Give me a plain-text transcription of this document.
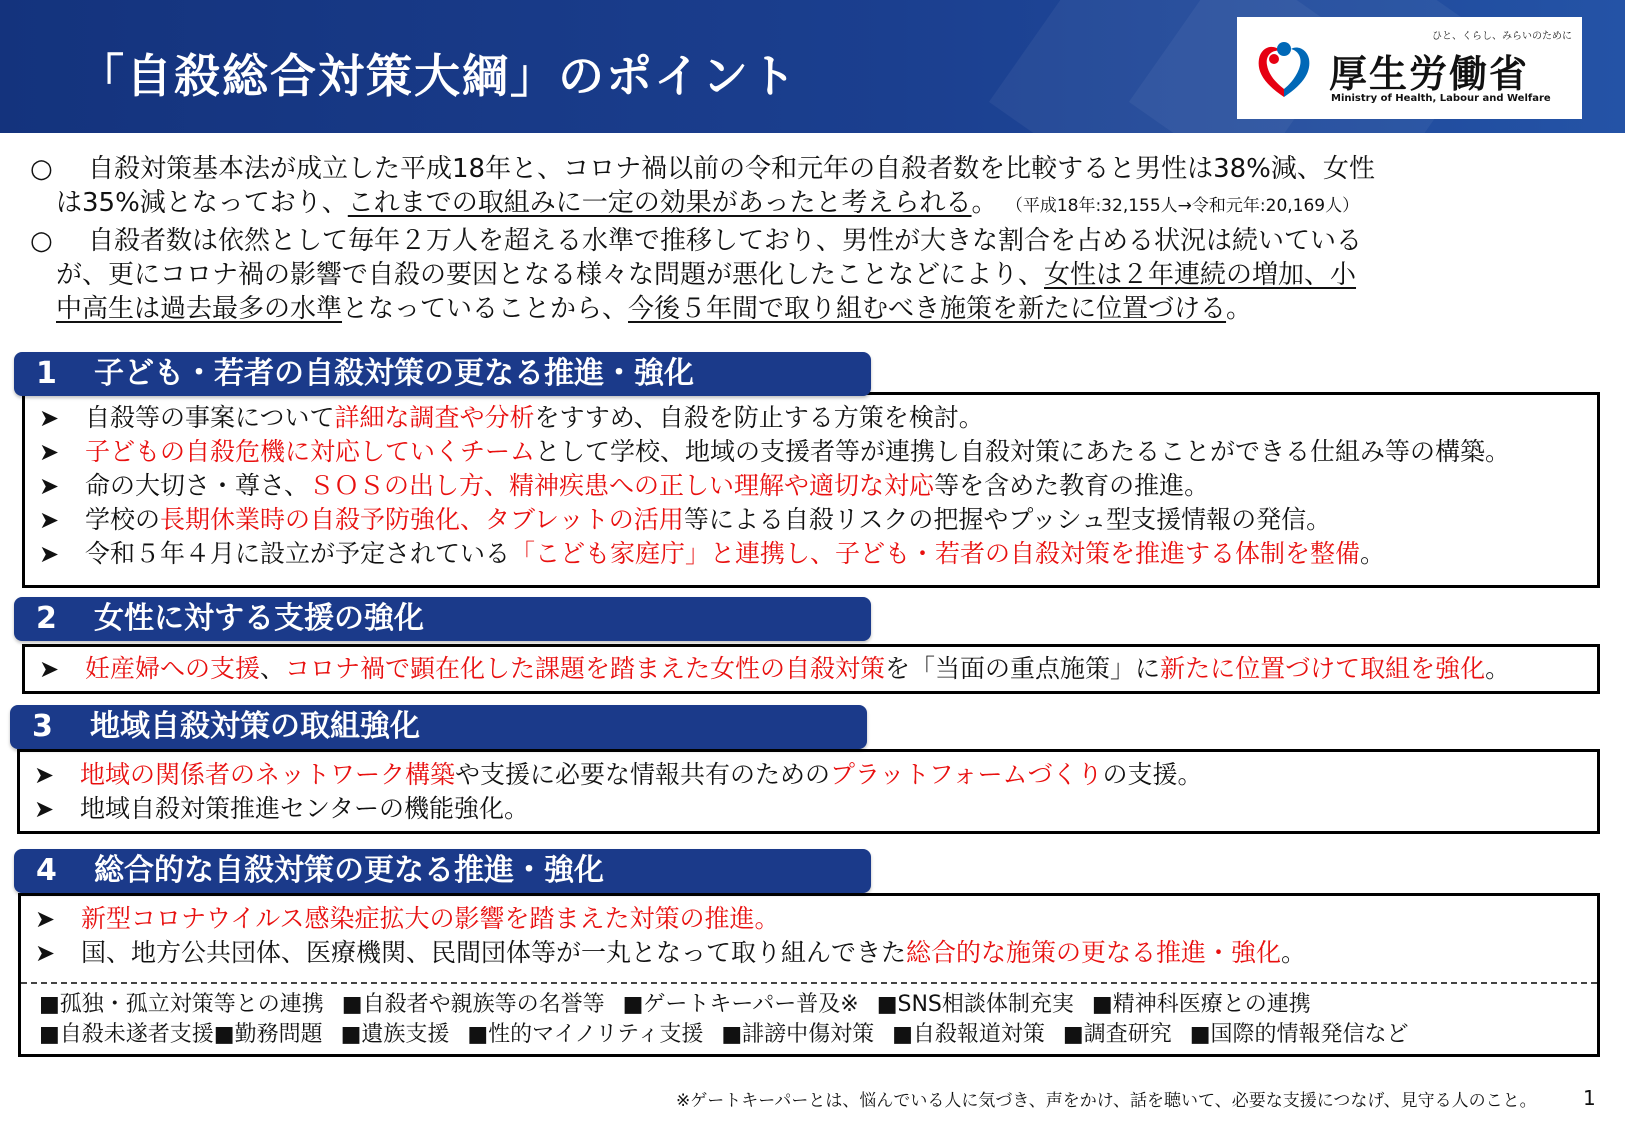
「自殺総合対策大綱」のポイント
ひと、くらし、みらいのために
厚生労働省
Ministry of Health, Labour and Welfare
○ 自殺対策基本法が成立した平成18年と、コロナ禍以前の令和元年の自殺者数を比較すると男性は38%減、女性
は35%減となっており、これまでの取組みに一定の効果があったと考えられる。 （平成18年:32,155人→令和元年:20,169人）
○ 自殺者数は依然として毎年２万人を超える水準で推移しており、男性が大きな割合を占める状況は続いている
が、更にコロナ禍の影響で自殺の要因となる様々な問題が悪化したことなどにより、女性は２年連続の増加、小
中高生は過去最多の水準となっていることから、今後５年間で取り組むべき施策を新たに位置づける。
➤ 自殺等の事案について詳細な調査や分析をすすめ、自殺を防止する方策を検討。
➤ 子どもの自殺危機に対応していくチームとして学校、地域の支援者等が連携し自殺対策にあたることができる仕組み等の構築。
➤ 命の大切さ・尊さ、ＳＯＳの出し方、精神疾患への正しい理解や適切な対応等を含めた教育の推進。
➤ 学校の長期休業時の自殺予防強化、タブレットの活用等による自殺リスクの把握やプッシュ型支援情報の発信。
➤ 令和５年４月に設立が予定されている「こども家庭庁」と連携し、子ども・若者の自殺対策を推進する体制を整備。
1 子ども・若者の自殺対策の更なる推進・強化
➤ 妊産婦への支援、コロナ禍で顕在化した課題を踏まえた女性の自殺対策を「当面の重点施策」に新たに位置づけて取組を強化。
2 女性に対する支援の強化
➤ 地域の関係者のネットワーク構築や支援に必要な情報共有のためのプラットフォームづくりの支援。
➤ 地域自殺対策推進センターの機能強化。
3 地域自殺対策の取組強化
➤ 新型コロナウイルス感染症拡大の影響を踏まえた対策の推進。
➤ 国、地方公共団体、医療機関、民間団体等が一丸となって取り組んできた総合的な施策の更なる推進・強化。
■孤独・孤立対策等との連携 ■自殺者や親族等の名誉等 ■ゲートキーパー普及※ ■SNS相談体制充実 ■精神科医療との連携
■自殺未遂者支援■勤務問題 ■遺族支援 ■性的マイノリティ支援 ■誹謗中傷対策 ■自殺報道対策 ■調査研究 ■国際的情報発信など
4 総合的な自殺対策の更なる推進・強化
※ゲートキーパーとは、悩んでいる人に気づき、声をかけ、話を聴いて、必要な支援につなげ、見守る人のこと。 1
